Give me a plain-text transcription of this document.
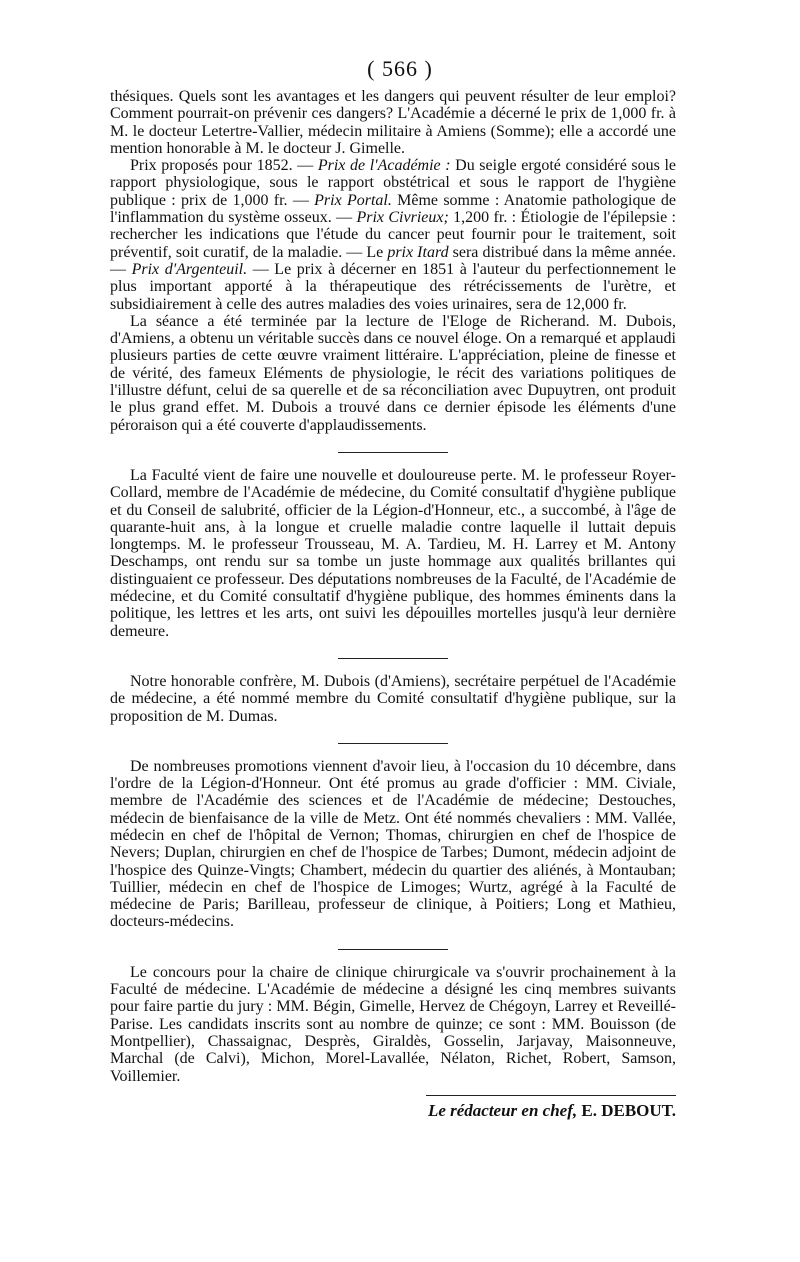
( 566 )

thésiques. Quels sont les avantages et les dangers qui peuvent résulter de leur emploi? Comment pourrait-on prévenir ces dangers? L'Académie a décerné le prix de 1,000 fr. à M. le docteur Letertre-Vallier, médecin militaire à Amiens (Somme); elle a accordé une mention honorable à M. le docteur J. Gimelle.

Prix proposés pour 1852. — Prix de l'Académie : Du seigle ergoté considéré sous le rapport physiologique, sous le rapport obstétrical et sous le rapport de l'hygiène publique : prix de 1,000 fr. — Prix Portal. Même somme : Anatomie pathologique de l'inflammation du système osseux. — Prix Civrieux; 1,200 fr. : Étiologie de l'épilepsie : rechercher les indications que l'étude du cancer peut fournir pour le traitement, soit préventif, soit curatif, de la maladie. — Le prix Itard sera distribué dans la même année. — Prix d'Argenteuil. — Le prix à décerner en 1851 à l'auteur du perfectionnement le plus important apporté à la thérapeutique des rétrécissements de l'urètre, et subsidiairement à celle des autres maladies des voies urinaires, sera de 12,000 fr.

La séance a été terminée par la lecture de l'Eloge de Richerand. M. Dubois, d'Amiens, a obtenu un véritable succès dans ce nouvel éloge. On a remarqué et applaudi plusieurs parties de cette œuvre vraiment littéraire. L'appréciation, pleine de finesse et de vérité, des fameux Eléments de physiologie, le récit des variations politiques de l'illustre défunt, celui de sa querelle et de sa réconciliation avec Dupuytren, ont produit le plus grand effet. M. Dubois a trouvé dans ce dernier épisode les éléments d'une péroraison qui a été couverte d'applaudissements.

La Faculté vient de faire une nouvelle et douloureuse perte. M. le professeur Royer-Collard, membre de l'Académie de médecine, du Comité consultatif d'hygiène publique et du Conseil de salubrité, officier de la Légion-d'Honneur, etc., a succombé, à l'âge de quarante-huit ans, à la longue et cruelle maladie contre laquelle il luttait depuis longtemps. M. le professeur Trousseau, M. A. Tardieu, M. H. Larrey et M. Antony Deschamps, ont rendu sur sa tombe un juste hommage aux qualités brillantes qui distinguaient ce professeur. Des députations nombreuses de la Faculté, de l'Académie de médecine, et du Comité consultatif d'hygiène publique, des hommes éminents dans la politique, les lettres et les arts, ont suivi les dépouilles mortelles jusqu'à leur dernière demeure.

Notre honorable confrère, M. Dubois (d'Amiens), secrétaire perpétuel de l'Académie de médecine, a été nommé membre du Comité consultatif d'hygiène publique, sur la proposition de M. Dumas.

De nombreuses promotions viennent d'avoir lieu, à l'occasion du 10 décembre, dans l'ordre de la Légion-d'Honneur. Ont été promus au grade d'officier : MM. Civiale, membre de l'Académie des sciences et de l'Académie de médecine; Destouches, médecin de bienfaisance de la ville de Metz. Ont été nommés chevaliers : MM. Vallée, médecin en chef de l'hôpital de Vernon; Thomas, chirurgien en chef de l'hospice de Nevers; Duplan, chirurgien en chef de l'hospice de Tarbes; Dumont, médecin adjoint de l'hospice des Quinze-Vingts; Chambert, médecin du quartier des aliénés, à Montauban; Tuillier, médecin en chef de l'hospice de Limoges; Wurtz, agrégé à la Faculté de médecine de Paris; Barilleau, professeur de clinique, à Poitiers; Long et Mathieu, docteurs-médecins.

Le concours pour la chaire de clinique chirurgicale va s'ouvrir prochainement à la Faculté de médecine. L'Académie de médecine a désigné les cinq membres suivants pour faire partie du jury : MM. Bégin, Gimelle, Hervez de Chégoyn, Larrey et Reveillé-Parise. Les candidats inscrits sont au nombre de quinze; ce sont : MM. Bouisson (de Montpellier), Chassaignac, Desprès, Giraldès, Gosselin, Jarjavay, Maisonneuve, Marchal (de Calvi), Michon, Morel-Lavallée, Nélaton, Richet, Robert, Samson, Voillemier.

Le rédacteur en chef, E. DEBOUT.
